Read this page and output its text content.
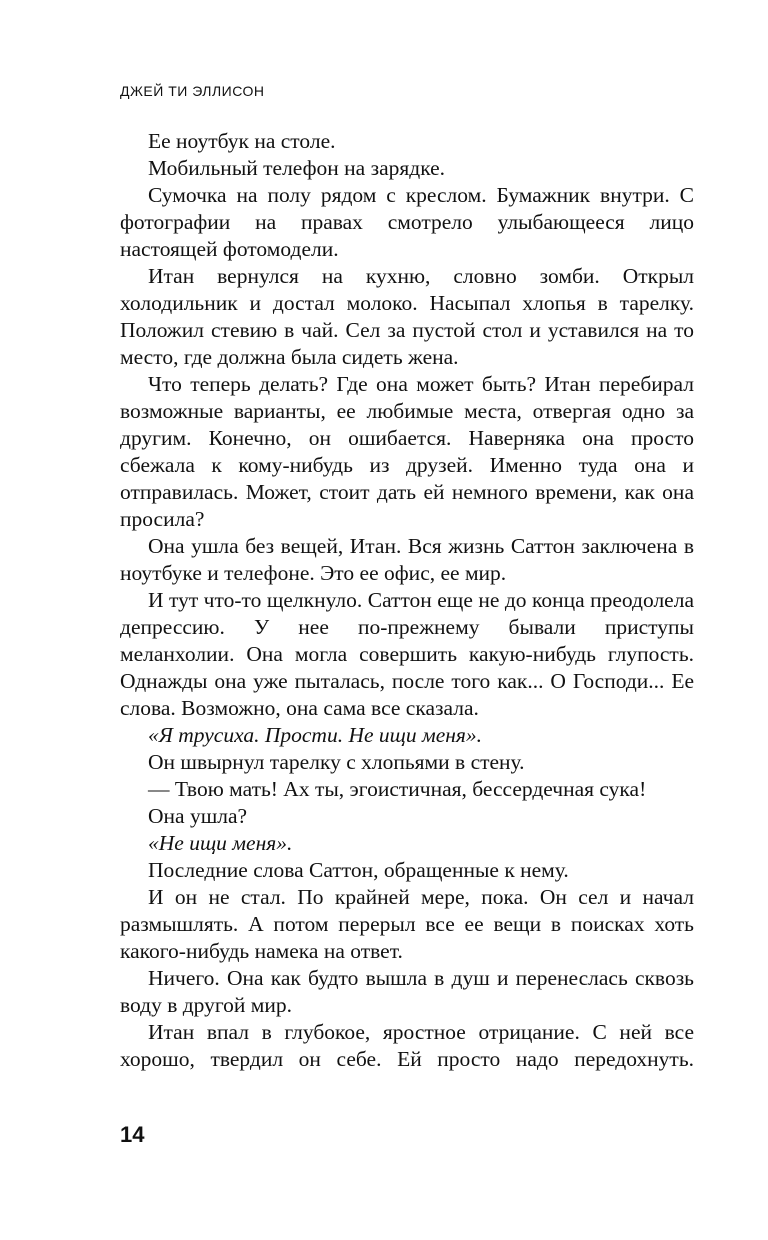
ДЖЕЙ ТИ ЭЛЛИСОН

Ее ноутбук на столе.

Мобильный телефон на зарядке.

Сумочка на полу рядом с креслом. Бумажник внутри. С фотографии на правах смотрело улыбающееся лицо настоящей фотомодели.

Итан вернулся на кухню, словно зомби. Открыл холодильник и достал молоко. Насыпал хлопья в тарелку. Положил стевию в чай. Сел за пустой стол и уставился на то место, где должна была сидеть жена.

Что теперь делать? Где она может быть? Итан перебирал возможные варианты, ее любимые места, отвергая одно за другим. Конечно, он ошибается. Наверняка она просто сбежала к кому-нибудь из друзей. Именно туда она и отправилась. Может, стоит дать ей немного времени, как она просила?

Она ушла без вещей, Итан. Вся жизнь Саттон заключена в ноутбуке и телефоне. Это ее офис, ее мир.

И тут что-то щелкнуло. Саттон еще не до конца преодолела депрессию. У нее по-прежнему бывали приступы меланхолии. Она могла совершить какую-нибудь глупость. Однажды она уже пыталась, после того как... О Господи... Ее слова. Возможно, она сама все сказала.

«Я трусиха. Прости. Не ищи меня».

Он швырнул тарелку с хлопьями в стену.

— Твою мать! Ах ты, эгоистичная, бессердечная сука!

Она ушла?

«Не ищи меня».

Последние слова Саттон, обращенные к нему.

И он не стал. По крайней мере, пока. Он сел и начал размышлять. А потом перерыл все ее вещи в поисках хоть какого-нибудь намека на ответ.

Ничего. Она как будто вышла в душ и перенеслась сквозь воду в другой мир.

Итан впал в глубокое, яростное отрицание. С ней все хорошо, твердил он себе. Ей просто надо передохнуть.

14
